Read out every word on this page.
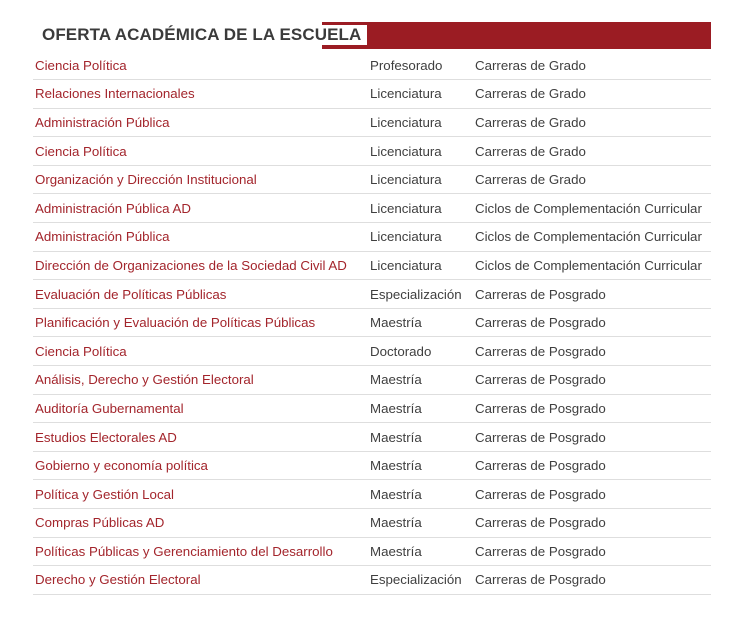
OFERTA ACADÉMICA DE LA ESCUELA
Ciencia Política	Profesorado	Carreras de Grado
Relaciones Internacionales	Licenciatura	Carreras de Grado
Administración Pública	Licenciatura	Carreras de Grado
Ciencia Política	Licenciatura	Carreras de Grado
Organización y Dirección Institucional	Licenciatura	Carreras de Grado
Administración Pública AD	Licenciatura	Ciclos de Complementación Curricular
Administración Pública	Licenciatura	Ciclos de Complementación Curricular
Dirección de Organizaciones de la Sociedad Civil AD	Licenciatura	Ciclos de Complementación Curricular
Evaluación de Políticas Públicas	Especialización	Carreras de Posgrado
Planificación y Evaluación de Políticas Públicas	Maestría	Carreras de Posgrado
Ciencia Política	Doctorado	Carreras de Posgrado
Análisis, Derecho y Gestión Electoral	Maestría	Carreras de Posgrado
Auditoría Gubernamental	Maestría	Carreras de Posgrado
Estudios Electorales AD	Maestría	Carreras de Posgrado
Gobierno y economía política	Maestría	Carreras de Posgrado
Política y Gestión Local	Maestría	Carreras de Posgrado
Compras Públicas AD	Maestría	Carreras de Posgrado
Políticas Públicas y Gerenciamiento del Desarrollo	Maestría	Carreras de Posgrado
Derecho y Gestión Electoral	Especialización	Carreras de Posgrado
